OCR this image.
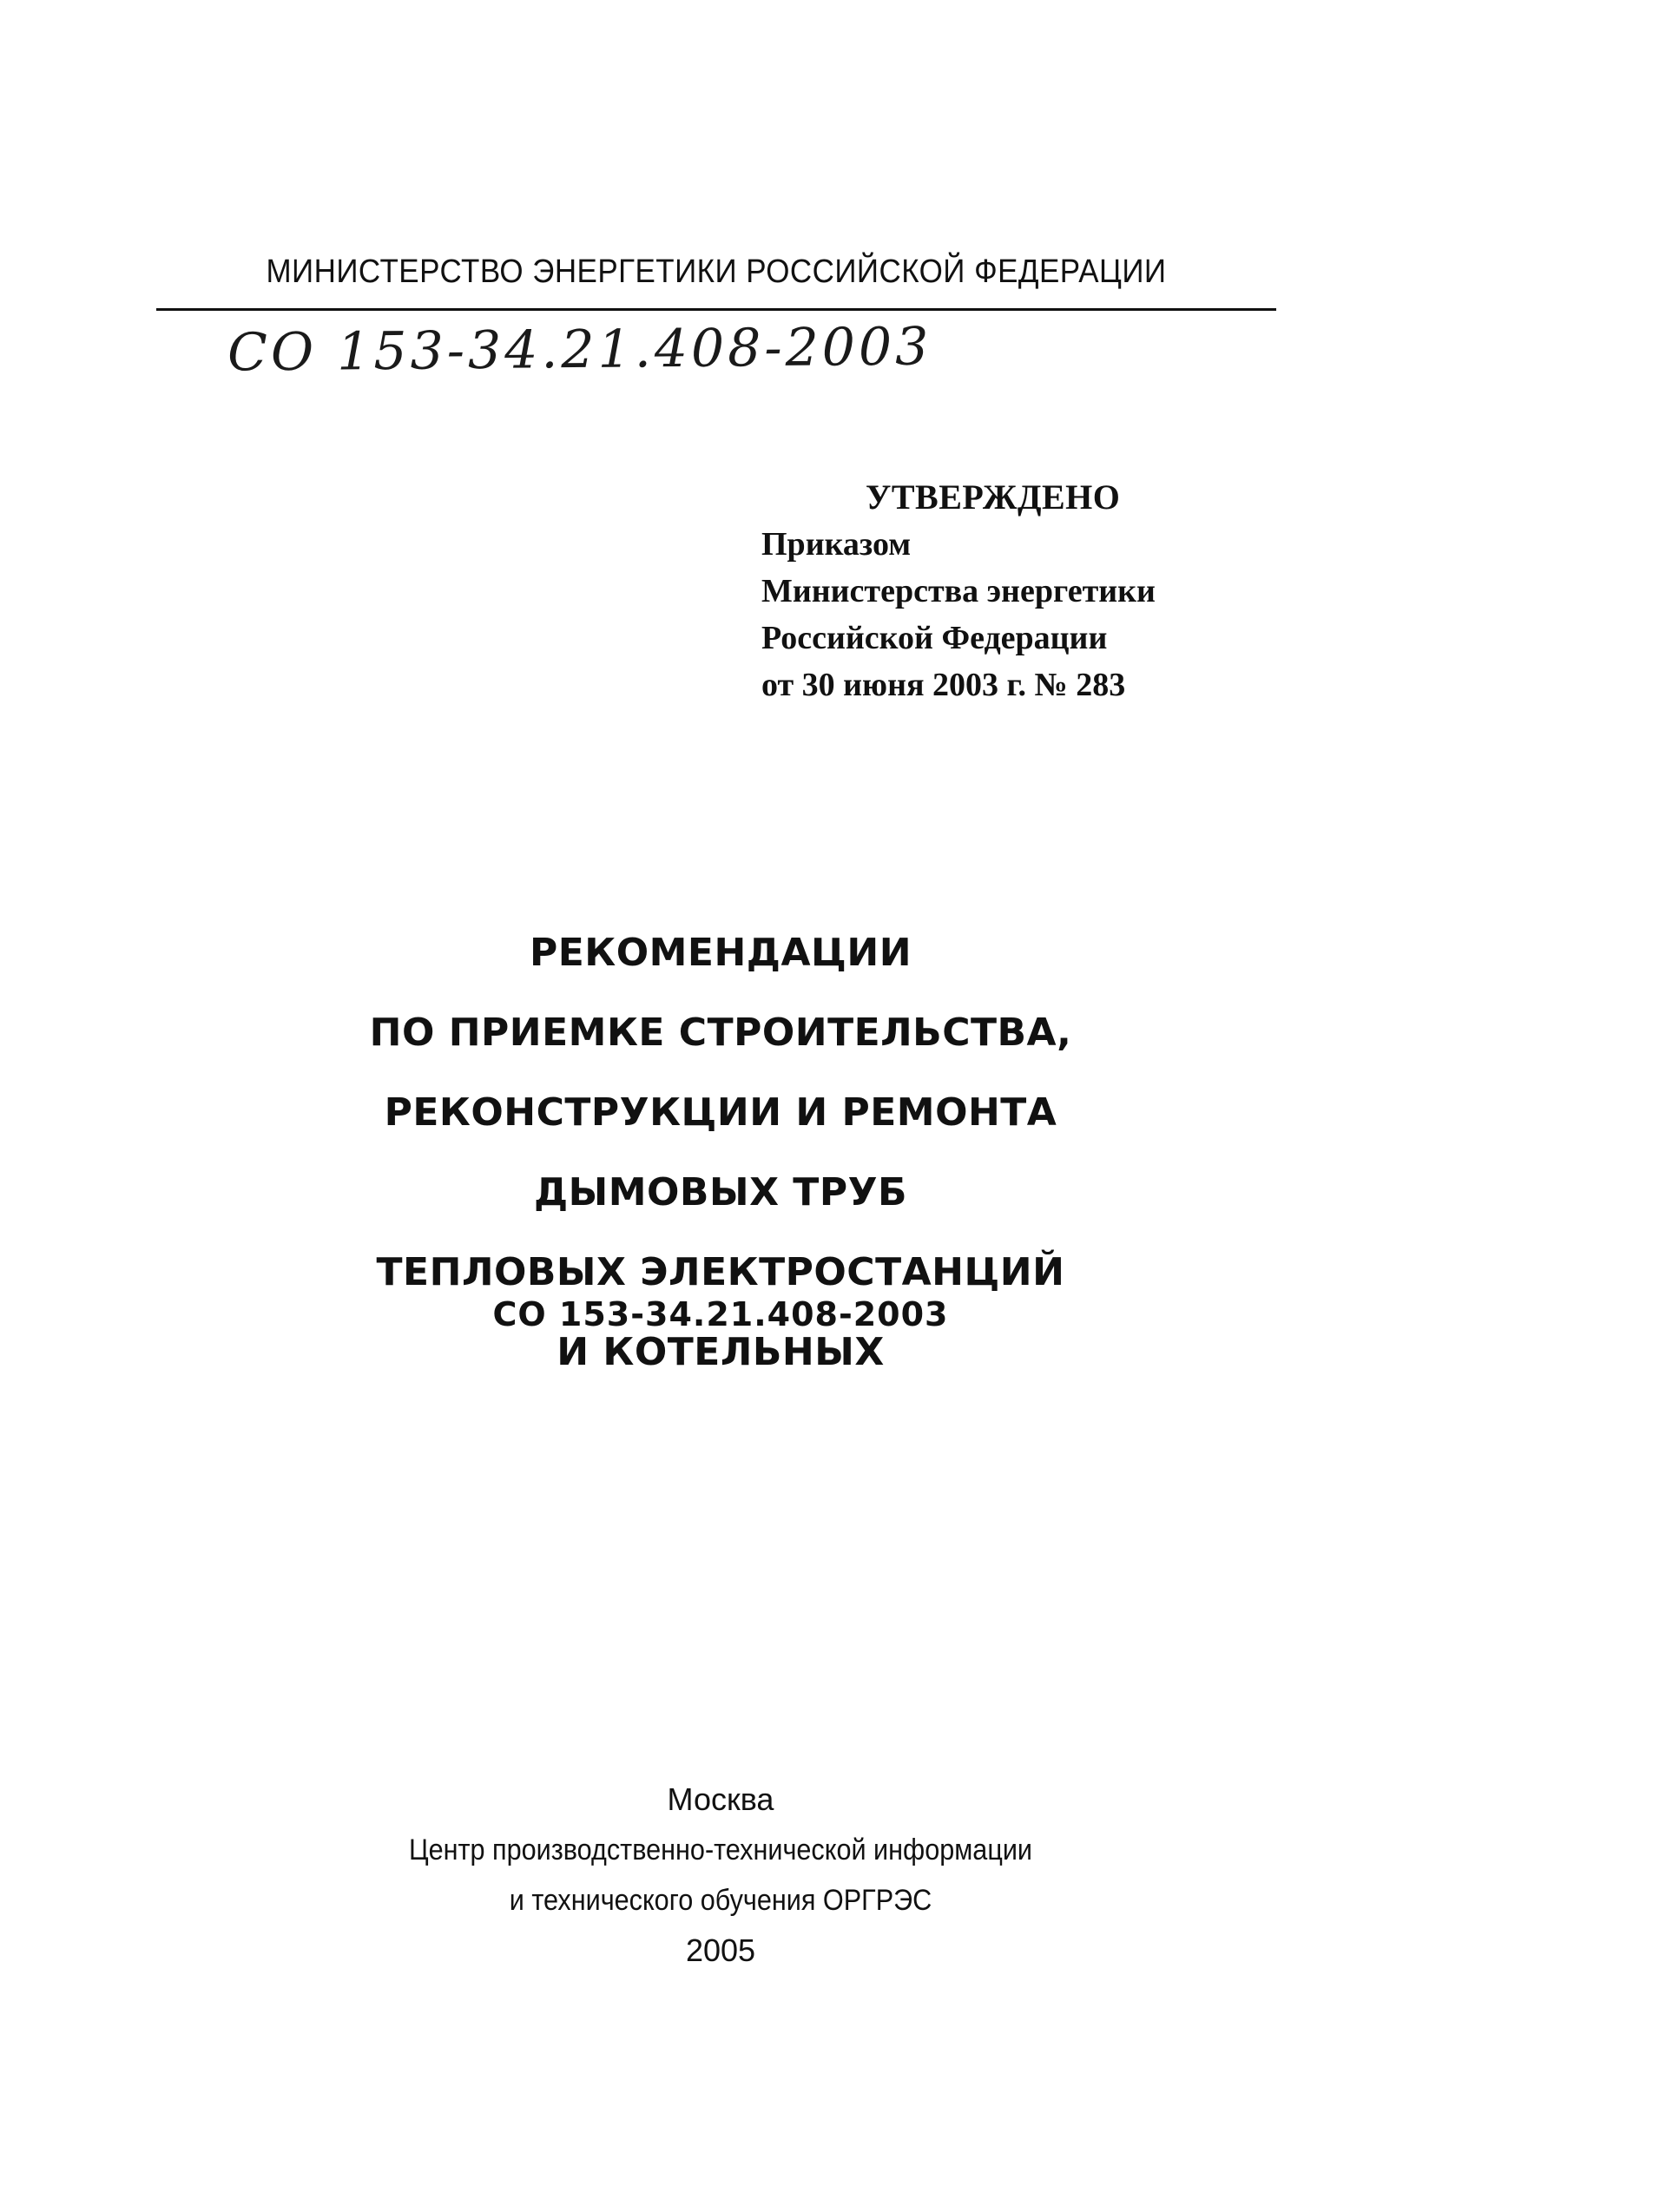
МИНИСТЕРСТВО ЭНЕРГЕТИКИ РОССИЙСКОЙ ФЕДЕРАЦИИ
СО 153-34.21.408-2003
УТВЕРЖДЕНО
Приказом
Министерства энергетики
Российской Федерации
от 30 июня 2003 г. № 283
РЕКОМЕНДАЦИИ
ПО ПРИЕМКЕ СТРОИТЕЛЬСТВА,
РЕКОНСТРУКЦИИ И РЕМОНТА
ДЫМОВЫХ ТРУБ
ТЕПЛОВЫХ ЭЛЕКТРОСТАНЦИЙ
И КОТЕЛЬНЫХ
СО 153-34.21.408-2003
Москва
Центр производственно-технической информации
и технического обучения ОРГРЭС
2005
